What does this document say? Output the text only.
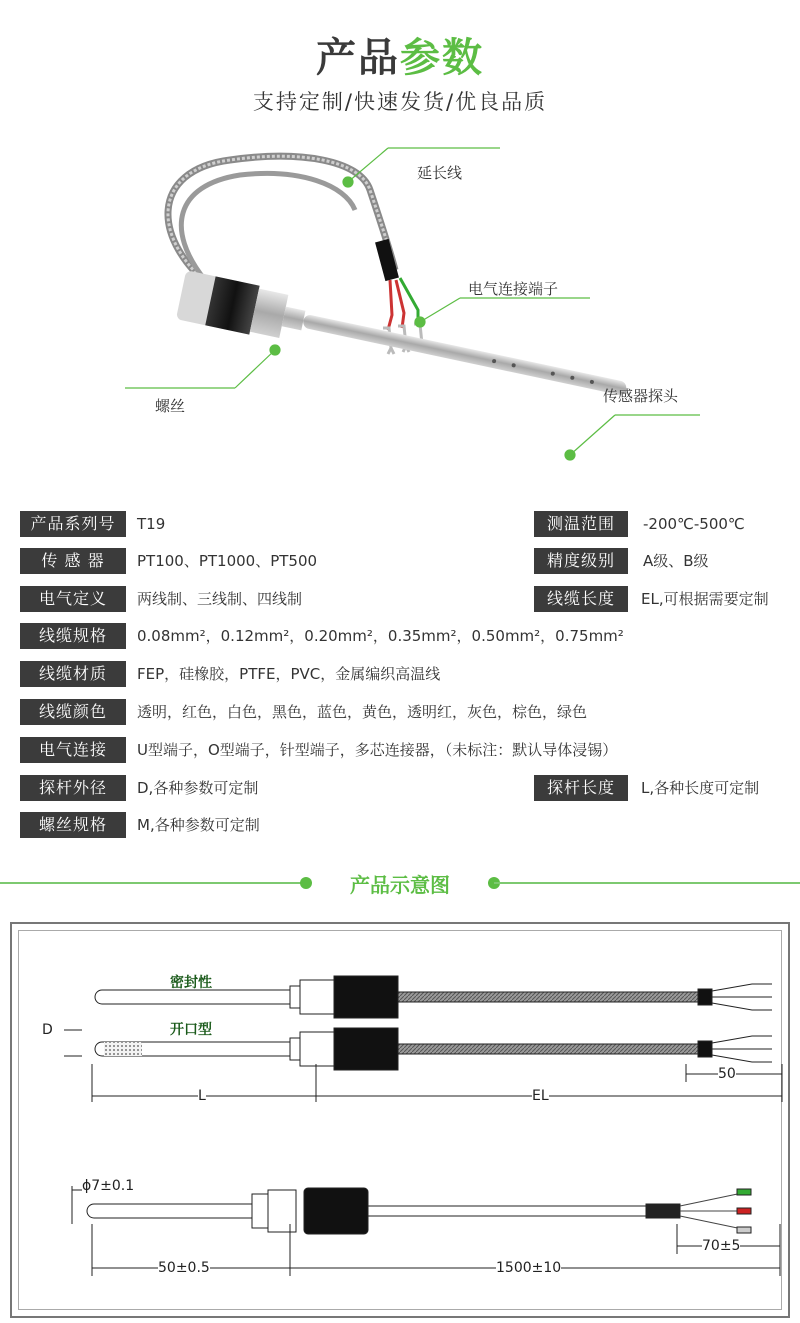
产品参数
支持定制/快速发货/优良品质
延长线
电气连接端子
螺丝
传感器探头
产品系列号	T19	测温范围	-200℃-500℃
传 感 器	PT100、PT1000、PT500	精度级别	A级、B级
电气定义	两线制、三线制、四线制	线缆长度	EL,可根据需要定制
线缆规格	0.08mm²，0.12mm²，0.20mm²，0.35mm²，0.50mm²，0.75mm²
线缆材质	FEP，硅橡胶，PTFE，PVC，金属编织高温线
线缆颜色	透明，红色，白色，黑色，蓝色，黄色，透明红，灰色，棕色，绿色
电气连接	U型端子，O型端子，针型端子，多芯连接器，（未标注：默认导体浸锡）
探杆外径	D,各种参数可定制	探杆长度	L,各种长度可定制
螺丝规格	M,各种参数可定制
产品示意图
密封性
开口型
D
L	EL
50
ϕ7±0.1
50±0.5	1500±10
70±5
